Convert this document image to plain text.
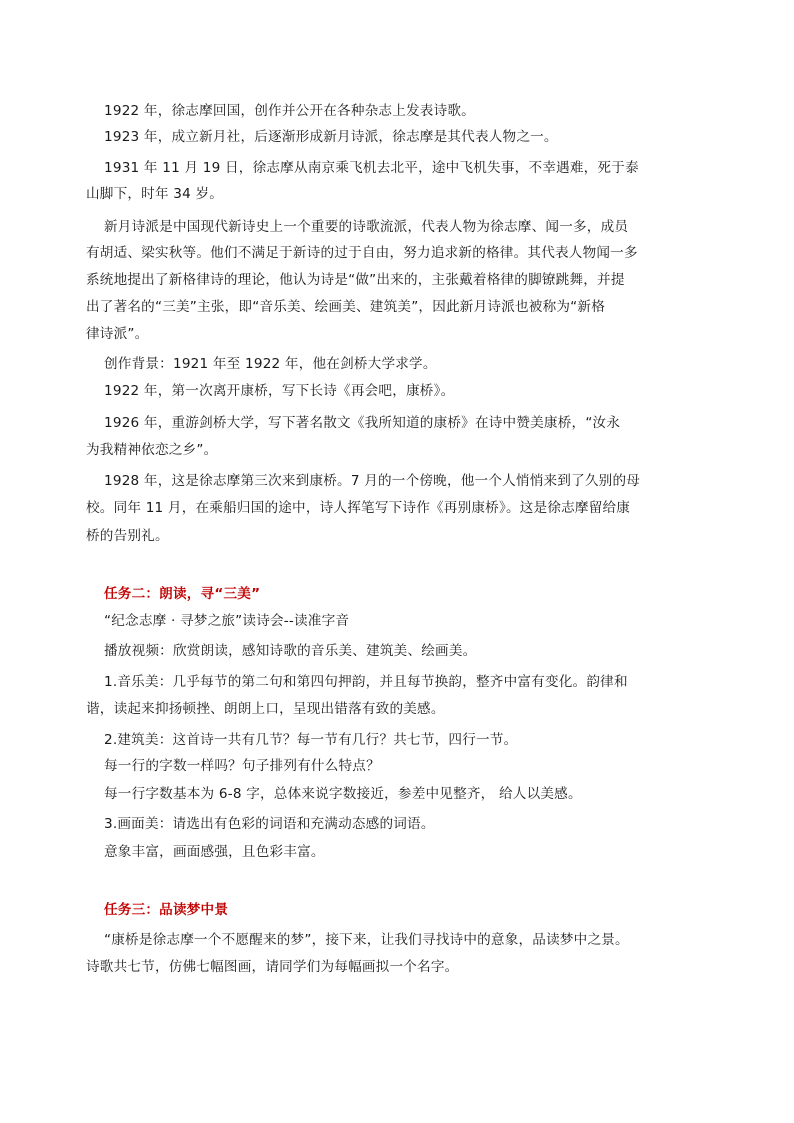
1922 年，徐志摩回国，创作并公开在各种杂志上发表诗歌。
1923 年，成立新月社，后逐渐形成新月诗派，徐志摩是其代表人物之一。
1931 年 11 月 19 日，徐志摩从南京乘飞机去北平，途中飞机失事，不幸遇难，死于泰
山脚下，时年 34 岁。
新月诗派是中国现代新诗史上一个重要的诗歌流派，代表人物为徐志摩、闻一多，成员
有胡适、梁实秋等。他们不满足于新诗的过于自由，努力追求新的格律。其代表人物闻一多
系统地提出了新格律诗的理论，他认为诗是“做”出来的，主张戴着格律的脚镣跳舞，并提
出了著名的“三美”主张，即“音乐美、绘画美、建筑美”，因此新月诗派也被称为“新格
律诗派”。
创作背景：1921 年至 1922 年，他在剑桥大学求学。
1922 年，第一次离开康桥，写下长诗《再会吧，康桥》。
1926 年，重游剑桥大学，写下著名散文《我所知道的康桥》在诗中赞美康桥，“汝永
为我精神依恋之乡”。
1928 年，这是徐志摩第三次来到康桥。7 月的一个傍晚，他一个人悄悄来到了久别的母
校。同年 11 月，在乘船归国的途中，诗人挥笔写下诗作《再别康桥》。这是徐志摩留给康
桥的告别礼。
任务二：朗读，寻“三美”
“纪念志摩 · 寻梦之旅”读诗会--读准字音
播放视频：欣赏朗读，感知诗歌的音乐美、建筑美、绘画美。
1.音乐美：几乎每节的第二句和第四句押韵，并且每节换韵，整齐中富有变化。韵律和
谐，读起来抑扬顿挫、朗朗上口，呈现出错落有致的美感。
2.建筑美：这首诗一共有几节？每一节有几行？共七节，四行一节。
每一行的字数一样吗？句子排列有什么特点？
每一行字数基本为 6-8 字，总体来说字数接近，参差中见整齐， 给人以美感。
3.画面美：请选出有色彩的词语和充满动态感的词语。
意象丰富，画面感强，且色彩丰富。
任务三：品读梦中景
“康桥是徐志摩一个不愿醒来的梦”，接下来，让我们寻找诗中的意象，品读梦中之景。
诗歌共七节，仿佛七幅图画，请同学们为每幅画拟一个名字。
